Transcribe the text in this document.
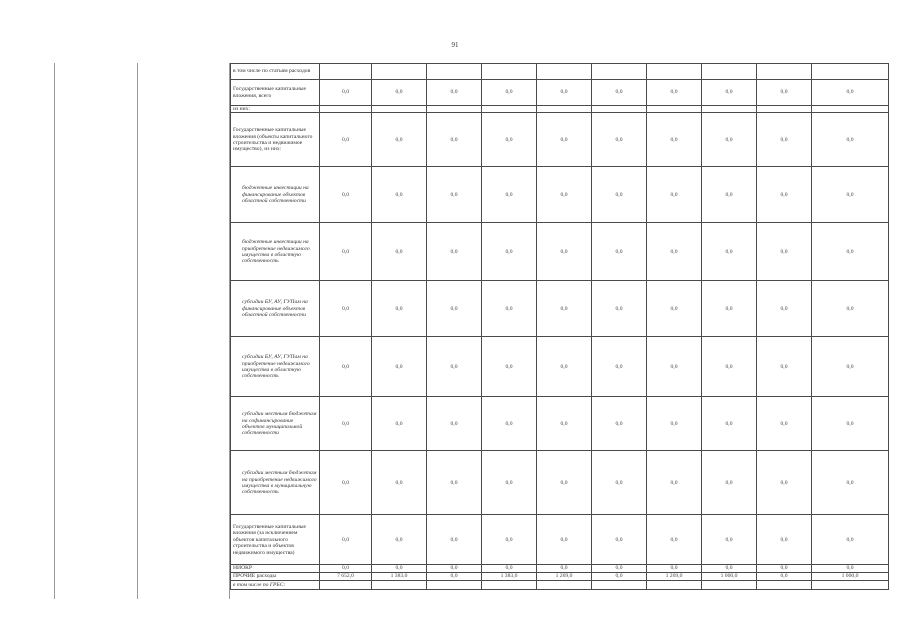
91
в том числе по статьям расходов										
Государственные капитальные вложения, всего	0,0	0,0	0,0	0,0	0,0	0,0	0,0	0,0	0,0	0,0
из них:										
Государственные капитальные вложения (объекты капитального строительства и недвижимое имущество), из них:	0,0	0,0	0,0	0,0	0,0	0,0	0,0	0,0	0,0	0,0
бюджетные инвестиции на финансирование объектов областной собственности	0,0	0,0	0,0	0,0	0,0	0,0	0,0	0,0	0,0	0,0
бюджетные инвестиции на приобретение недвижимого имущества в областную собственность	0,0	0,0	0,0	0,0	0,0	0,0	0,0	0,0	0,0	0,0
субсидии БУ, АУ, ГУПам на финансирование объектов областной собственности	0,0	0,0	0,0	0,0	0,0	0,0	0,0	0,0	0,0	0,0
субсидии БУ, АУ, ГУПам на приобретение недвижимого имущества в областную собственность	0,0	0,0	0,0	0,0	0,0	0,0	0,0	0,0	0,0	0,0
субсидии местным бюджетам на софинансирование объектов муниципальной собственности	0,0	0,0	0,0	0,0	0,0	0,0	0,0	0,0	0,0	0,0
субсидии местным бюджетам на приобретение недвижимого имущества в муниципальную собственность	0,0	0,0	0,0	0,0	0,0	0,0	0,0	0,0	0,0	0,0
Государственные капитальные вложения (за исключением объектов капитального строительства и объектов недвижимого имущества)	0,0	0,0	0,0	0,0	0,0	0,0	0,0	0,0	0,0	0,0
НИОКР	0,0	0,0	0,0	0,0	0,0	0,0	0,0	0,0	0,0	0,0
ПРОЧИЕ расходы	7 652,0	1 383,0	0,0	1 383,0	1 269,0	0,0	1 269,0	1 000,0	0,0	1 000,0
в том числе по ГРБС:										
